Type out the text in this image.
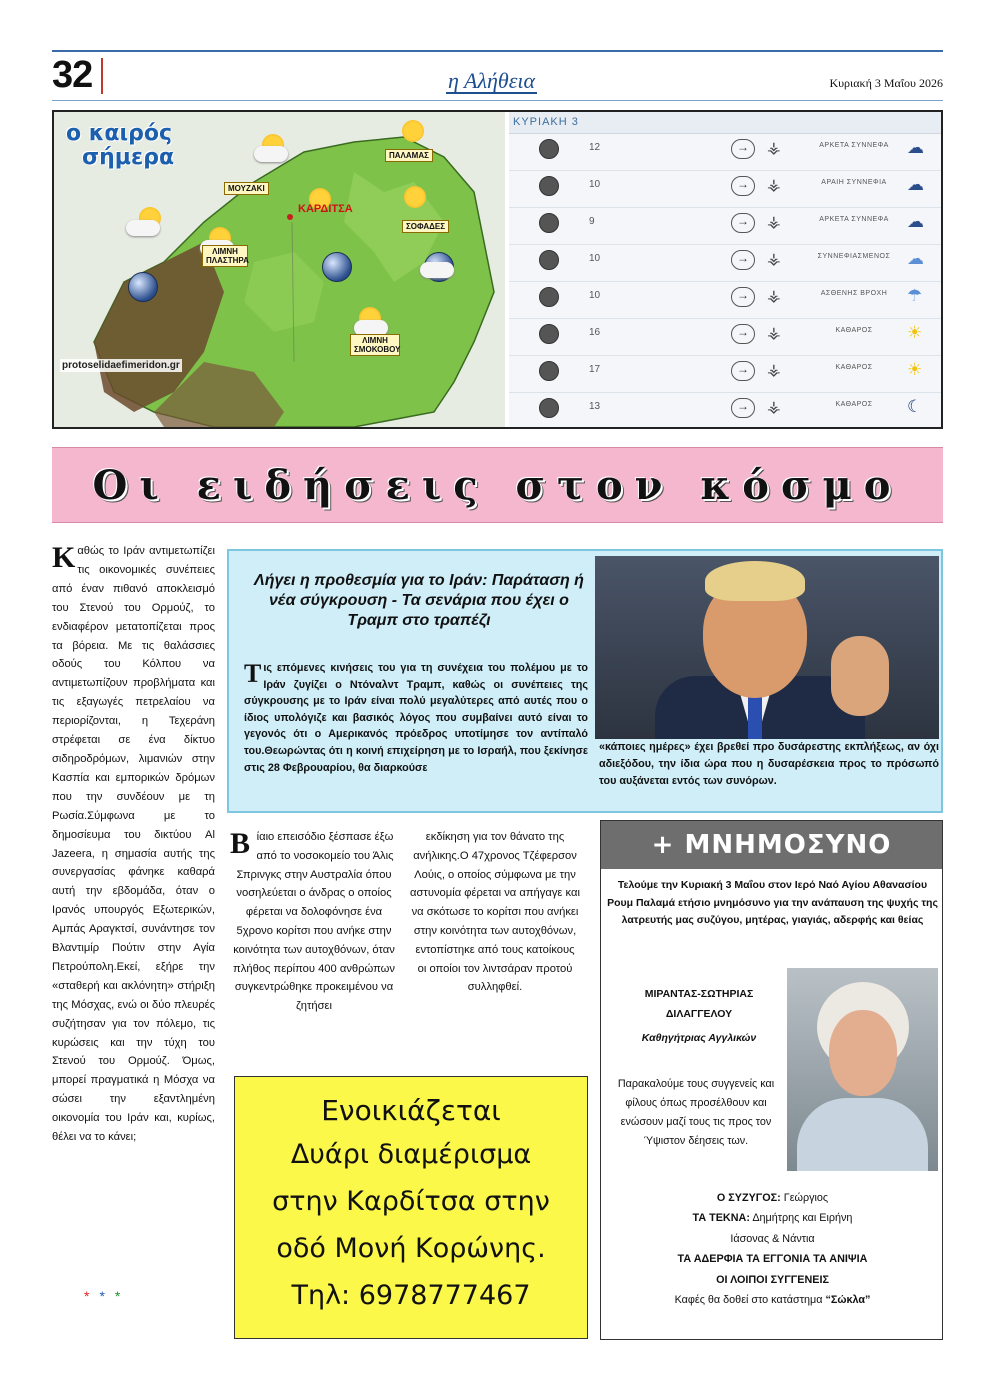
32	η Αλήθεια	Κυριακή 3 Μαΐου 2026
ο καιρός
σήμερα	ΠΑΛΑΜΑΣ
ΜΟΥΖΑΚΙ
ΚΑΡΔΙΤΣΑ
ΣΟΦΑΔΕΣ
ΛΙΜΝΗ ΠΛΑΣΤΗΡΑ
ΛΙΜΝΗ ΣΜΟΚΟΒΟΥ
protoselidaefimeridon.gr
ΚΥΡΙΑΚΗ 3
12	→	⚶	ΑΡΚΕΤΑ ΣΥΝΝΕΦΑ	☁
10	→	⚶	ΑΡΑΙΗ ΣΥΝΝΕΦΙΑ	☁
9	→	⚶	ΑΡΚΕΤΑ ΣΥΝΝΕΦΑ	☁
10	→	⚶	ΣΥΝΝΕΦΙΑΣΜΕΝΟΣ ☁
10	→	⚶	ΑΣΘΕΝΗΣ ΒΡΟΧΗ	☂
16	→	⚶	ΚΑΘΑΡΟΣ	☀
17	→	⚶	ΚΑΘΑΡΟΣ	☀
13	→	⚶	ΚΑΘΑΡΟΣ	☾
Οι ειδήσεις στον κόσμο
Καθώς το Ιράν αντιμετωπίζει τις οικονομικές συνέπειες από έναν πιθανό αποκλεισμό του Στενού του Ορμούζ, το ενδιαφέρον μετατοπίζεται προς τα βόρεια. Με τις θαλάσσιες οδούς του Κόλπου να αντιμετωπίζουν προβλήματα και τις εξαγωγές πετρελαίου να περιορίζονται, η Τεχεράνη στρέφεται σε ένα δίκτυο σιδηροδρόμων, λιμανιών στην Κασπία και εμπορικών δρόμων που την συνδέουν με τη Ρωσία.Σύμφωνα με το δημοσίευμα του δικτύου Al Jazeera, η σημασία αυτής της συνεργασίας φάνηκε καθαρά αυτή την εβδομάδα, όταν ο Ιρανός υπουργός Εξωτερικών, Αμπάς Αραγκτσί, συνάντησε τον Βλαντιμίρ Πούτιν στην Αγία Πετρούπολη.Εκεί, εξήρε την «σταθερή και ακλόνητη» στήριξη της Μόσχας, ενώ οι δύο πλευρές συζήτησαν για τον πόλεμο, τις κυρώσεις και την τύχη του Στενού του Ορμούζ. Όμως, μπορεί πραγματικά η Μόσχα να σώσει την εξαντλημένη οικονομία του Ιράν και, κυρίως, θέλει να το κάνει;
***
Λήγει η προθεσμία για το Ιράν: Παράταση ή νέα σύγκρουση - Τα σενάρια που έχει ο Τραμπ στο τραπέζι
Τις επόμενες κινήσεις του για τη συνέχεια του πολέμου με το Ιράν ζυγίζει ο Ντόναλντ Τραμπ, καθώς οι συνέπειες της σύγκρουσης με το Ιράν είναι πολύ μεγαλύτερες από αυτές που ο ίδιος υπολόγιζε και βασικός λόγος που συμβαίνει αυτό είναι το γεγονός ότι ο Αμερικανός πρόεδρος υποτίμησε τον αντίπαλό του.Θεωρώντας ότι η κοινή επιχείρηση με το Ισραήλ, που ξεκίνησε στις 28 Φεβρουαρίου, θα διαρκούσε
«κάποιες ημέρες» έχει βρεθεί προ δυσάρεστης εκπλήξεως, αν όχι αδιεξόδου, την ίδια ώρα που η δυσαρέσκεια προς το πρόσωπό του αυξάνεται εντός των συνόρων.
Βίαιο επεισόδιο ξέσπασε έξω από το νοσοκομείο του Άλις Σπρινγκς στην Αυστραλία όπου νοσηλεύεται ο άνδρας ο οποίος φέρεται να δολοφόνησε ένα 5χρονο κορίτσι που ανήκε στην κοινότητα των αυτοχθόνων, όταν πλήθος περίπου 400 ανθρώπων συγκεντρώθηκε προκειμένου να ζητήσει
εκδίκηση για τον θάνατο της ανήλικης.Ο 47χρονος Τζέφερσον Λούις, ο οποίος σύμφωνα με την αστυνομία φέρεται να απήγαγε και να σκότωσε το κορίτσι που ανήκει στην κοινότητα των αυτοχθόνων, εντοπίστηκε από τους κατοίκους οι οποίοι τον λιντσάραν προτού συλληφθεί.
Ενοικιάζεται
Δυάρι διαμέρισμα
στην Καρδίτσα στην
οδό Μονή Κορώνης.
Τηλ: 6978777467
+ ΜΝΗΜΟΣΥΝΟ
Τελούμε την Κυριακή 3 Μαΐου στον Ιερό Ναό Αγίου Αθανασίου Ρουμ Παλαμά ετήσιο μνημόσυνο για την ανάπαυση της ψυχής της λατρευτής μας συζύγου, μητέρας, γιαγιάς, αδερφής και θείας
ΜΙΡΑΝΤΑΣ-ΣΩΤΗΡΙΑΣ
ΔΙΛΑΓΓΕΛΟΥ
Καθηγήτριας Αγγλικών
Παρακαλούμε τους συγγενείς και φίλους όπως προσέλθουν και ενώσουν μαζί τους τις προς τον Ύψιστον δέησεις των.
Ο ΣΥΖΥΓΟΣ: Γεώργιος
ΤΑ ΤΕΚΝΑ: Δημήτρης και Ειρήνη
Ιάσονας & Νάντια
ΤΑ ΑΔΕΡΦΙΑ ΤΑ ΕΓΓΟΝΙΑ ΤΑ ΑΝΙΨΙΑ
ΟΙ ΛΟΙΠΟΙ ΣΥΓΓΕΝΕΙΣ
Καφές θα δοθεί στο κατάστημα “Σώκλα”
